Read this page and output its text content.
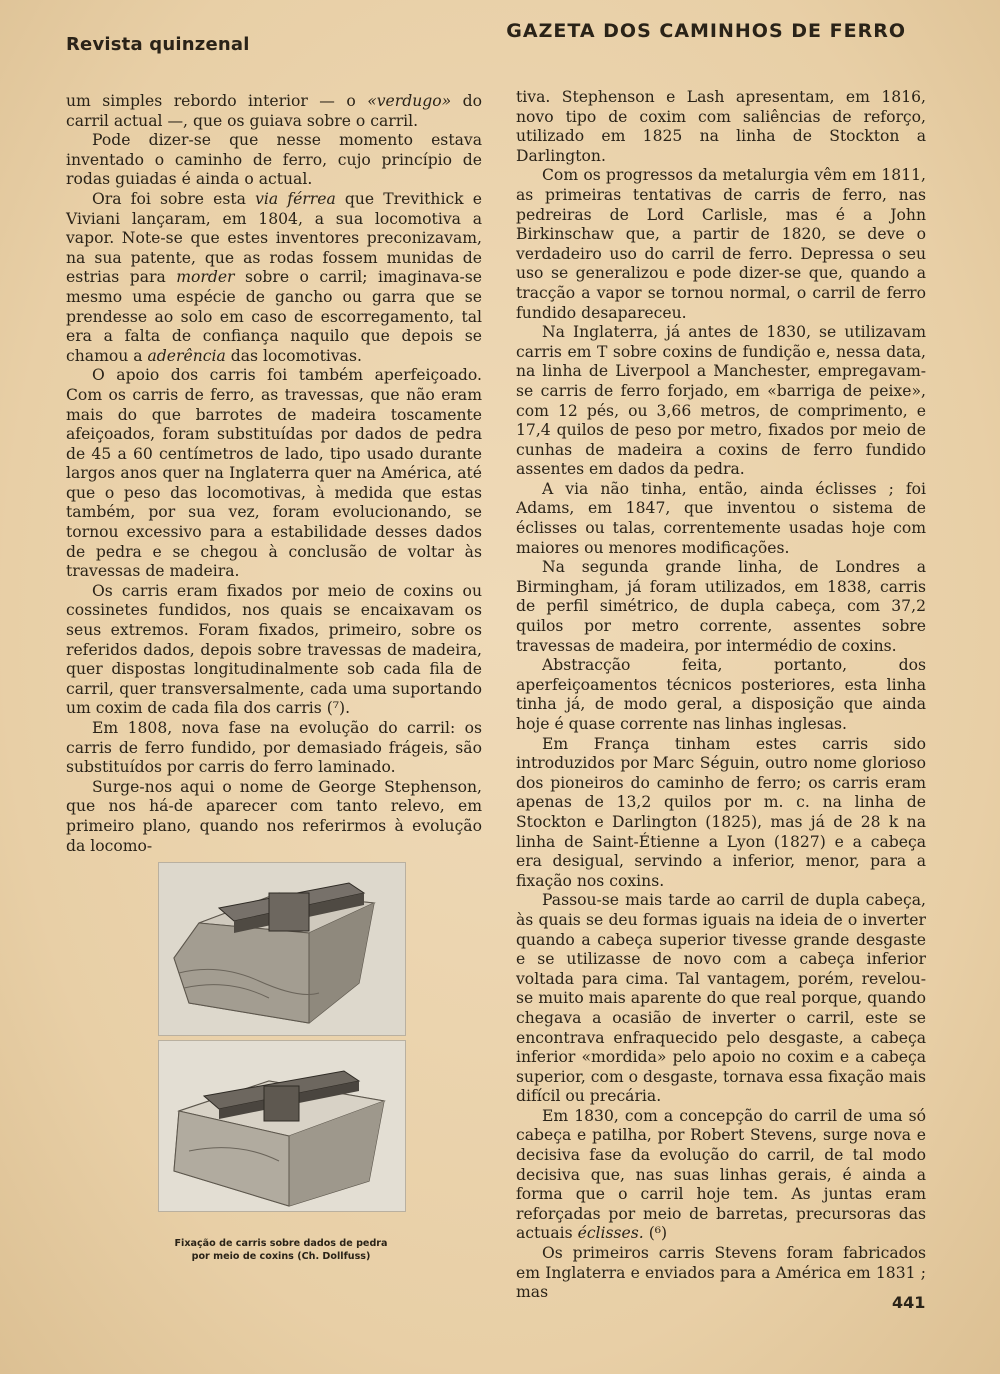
Revista quinzenal
GAZETA DOS CAMINHOS DE FERRO

um simples rebordo interior — o «verdugo» do carril actual —, que os guiava sobre o carril.

Pode dizer-se que nesse momento estava inventado o caminho de ferro, cujo princípio de rodas guiadas é ainda o actual.

Ora foi sobre esta via férrea que Trevithick e Viviani lançaram, em 1804, a sua locomotiva a vapor. Note-se que estes inventores preconizavam, na sua patente, que as rodas fossem munidas de estrias para morder sobre o carril; imaginava-se mesmo uma espécie de gancho ou garra que se prendesse ao solo em caso de escorregamento, tal era a falta de confiança naquilo que depois se chamou a aderência das locomotivas.

O apoio dos carris foi também aperfeiçoado. Com os carris de ferro, as travessas, que não eram mais do que barrotes de madeira toscamente afeiçoados, foram substituídas por dados de pedra de 45 a 60 centímetros de lado, tipo usado durante largos anos quer na Inglaterra quer na América, até que o peso das locomotivas, à medida que estas também, por sua vez, foram evolucionando, se tornou excessivo para a estabilidade desses dados de pedra e se chegou à conclusão de voltar às travessas de madeira.

Os carris eram fixados por meio de coxins ou cossinetes fundidos, nos quais se encaixavam os seus extremos. Foram fixados, primeiro, sobre os referidos dados, depois sobre travessas de madeira, quer dispostas longitudinalmente sob cada fila de carril, quer transversalmente, cada uma suportando um coxim de cada fila dos carris (⁷).

Em 1808, nova fase na evolução do carril: os carris de ferro fundido, por demasiado frágeis, são substituídos por carris do ferro laminado.

Surge-nos aqui o nome de George Stephenson, que nos há-de aparecer com tanto relevo, em primeiro plano, quando nos referirmos à evolução da locomo-

tiva. Stephenson e Lash apresentam, em 1816, novo tipo de coxim com saliências de reforço, utilizado em 1825 na linha de Stockton a Darlington.

Com os progressos da metalurgia vêm em 1811, as primeiras tentativas de carris de ferro, nas pedreiras de Lord Carlisle, mas é a John Birkinschaw que, a partir de 1820, se deve o verdadeiro uso do carril de ferro. Depressa o seu uso se generalizou e pode dizer-se que, quando a tracção a vapor se tornou normal, o carril de ferro fundido desapareceu.

Na Inglaterra, já antes de 1830, se utilizavam carris em T sobre coxins de fundição e, nessa data, na linha de Liverpool a Manchester, empregavam-se carris de ferro forjado, em «barriga de peixe», com 12 pés, ou 3,66 metros, de comprimento, e 17,4 quilos de peso por metro, fixados por meio de cunhas de madeira a coxins de ferro fundido assentes em dados da pedra.

A via não tinha, então, ainda éclisses ; foi Adams, em 1847, que inventou o sistema de éclisses ou talas, correntemente usadas hoje com maiores ou menores modificações.

Na segunda grande linha, de Londres a Birmingham, já foram utilizados, em 1838, carris de perfil simétrico, de dupla cabeça, com 37,2 quilos por metro corrente, assentes sobre travessas de madeira, por intermédio de coxins.

Abstracção feita, portanto, dos aperfeiçoamentos técnicos posteriores, esta linha tinha já, de modo geral, a disposição que ainda hoje é quase corrente nas linhas inglesas.

Em França tinham estes carris sido introduzidos por Marc Séguin, outro nome glorioso dos pioneiros do caminho de ferro; os carris eram apenas de 13,2 quilos por m. c. na linha de Stockton e Darlington (1825), mas já de 28 k na linha de Saint-Étienne a Lyon (1827) e a cabeça era desigual, servindo a inferior, menor, para a fixação nos coxins.

Passou-se mais tarde ao carril de dupla cabeça, às quais se deu formas iguais na ideia de o inverter quando a cabeça superior tivesse grande desgaste e se utilizasse de novo com a cabeça inferior voltada para cima. Tal vantagem, porém, revelou-se muito mais aparente do que real porque, quando chegava a ocasião de inverter o carril, este se encontrava enfraquecido pelo desgaste, a cabeça inferior «mordida» pelo apoio no coxim e a cabeça superior, com o desgaste, tornava essa fixação mais difícil ou precária.

Em 1830, com a concepção do carril de uma só cabeça e patilha, por Robert Stevens, surge nova e decisiva fase da evolução do carril, de tal modo decisiva que, nas suas linhas gerais, é ainda a forma que o carril hoje tem. As juntas eram reforçadas por meio de barretas, precursoras das actuais éclisses. (⁶)

Os primeiros carris Stevens foram fabricados em Inglaterra e enviados para a América em 1831 ; mas

Fixação de carris sobre dados de pedra
por meio de coxins (Ch. Dollfuss)
441
